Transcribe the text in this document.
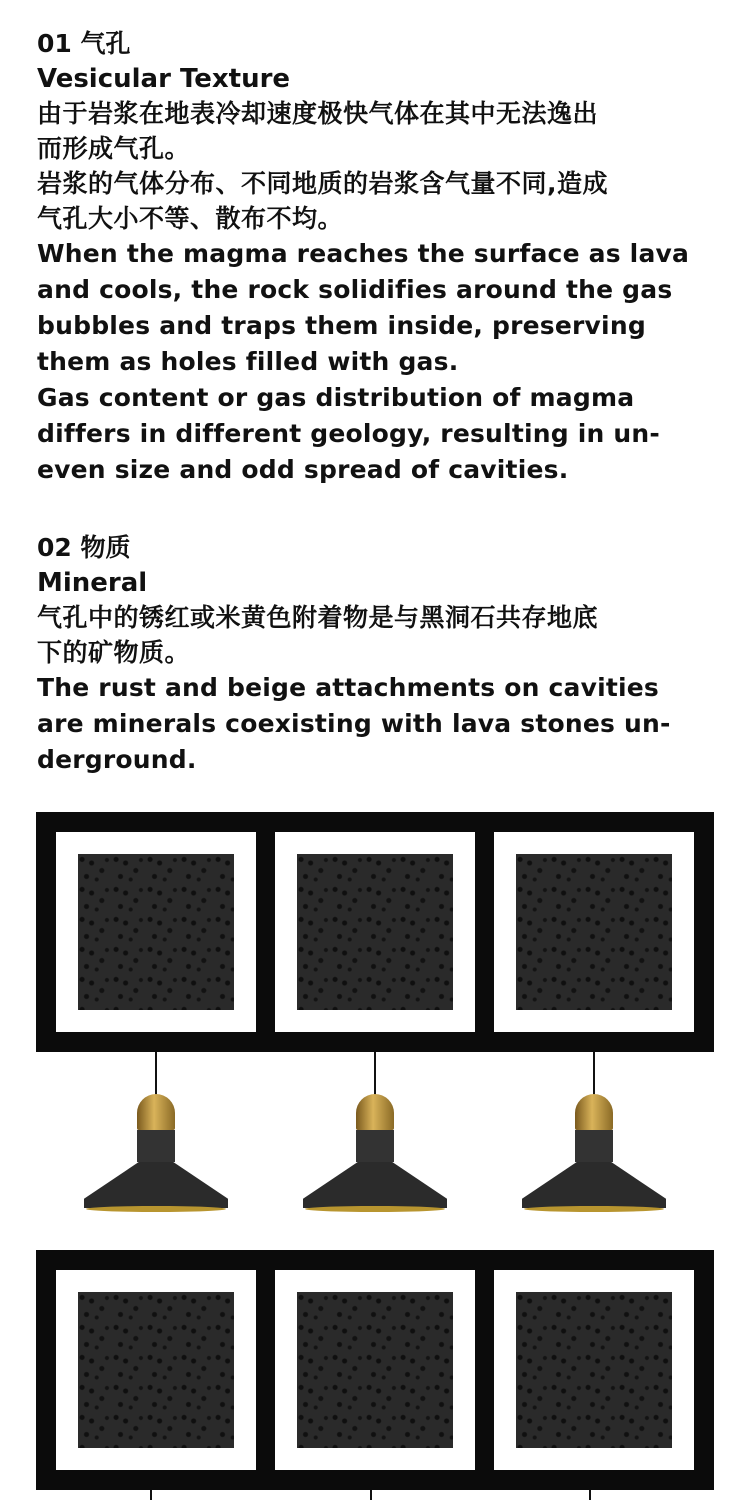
01 气孔
Vesicular Texture
由于岩浆在地表冷却速度极快气体在其中无法逸出
而形成气孔。
岩浆的气体分布、不同地质的岩浆含气量不同,造成
气孔大小不等、散布不均。
When the magma reaches the surface as lava
and cools, the rock solidifies around the gas
bubbles and traps them inside, preserving
them as holes filled with gas.
Gas content or gas distribution of magma
differs in different geology, resulting in un-
even size and odd spread of cavities.
02 物质
Mineral
气孔中的锈红或米黄色附着物是与黑洞石共存地底
下的矿物质。
The rust and beige attachments on cavities
are minerals coexisting with lava stones un-
derground.
